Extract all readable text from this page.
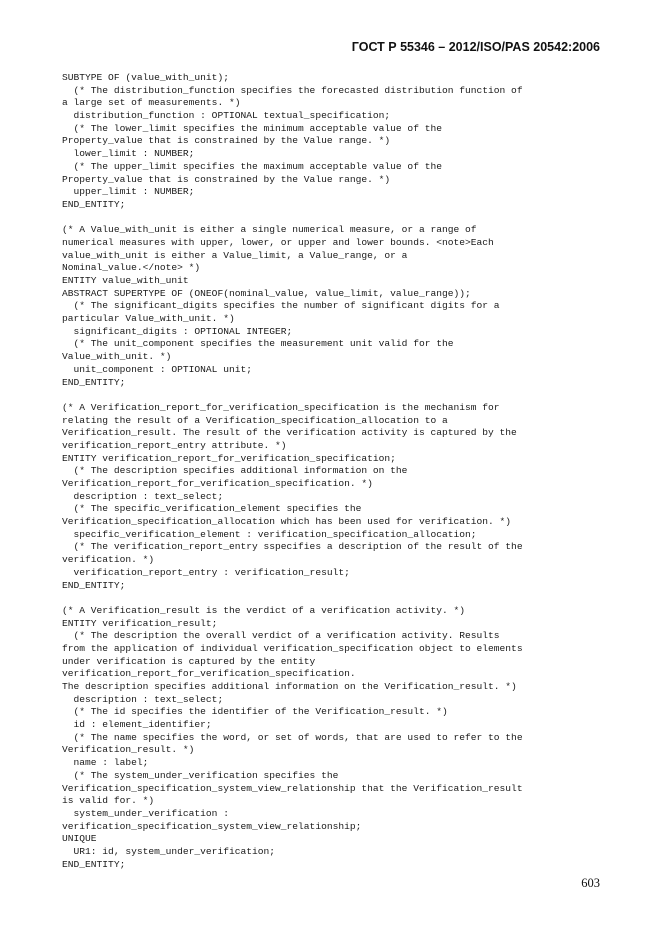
ГОСТ Р 55346 – 2012/ISO/PAS 20542:2006
SUBTYPE OF (value_with_unit);
(* The distribution_function specifies the forecasted distribution function of
a large set of measurements. *)
distribution_function : OPTIONAL textual_specification;
(* The lower_limit specifies the minimum acceptable value of the
Property_value that is constrained by the Value range. *)
lower_limit : NUMBER;
(* The upper_limit specifies the maximum acceptable value of the
Property_value that is constrained by the Value range. *)
upper_limit : NUMBER;
END_ENTITY;
(* A Value_with_unit is either a single numerical measure, or a range of
numerical measures with upper, lower, or upper and lower bounds. <note>Each
value_with_unit is either a Value_limit, a Value_range, or a
Nominal_value.</note> *)
ENTITY value_with_unit
ABSTRACT SUPERTYPE OF (ONEOF(nominal_value, value_limit, value_range));
(* The significant_digits specifies the number of significant digits for a
particular Value_with_unit. *)
significant_digits : OPTIONAL INTEGER;
(* The unit_component specifies the measurement unit valid for the
Value_with_unit. *)
unit_component : OPTIONAL unit;
END_ENTITY;
(* A Verification_report_for_verification_specification is the mechanism for
relating the result of a Verification_specification_allocation to a
Verification_result. The result of the verification activity is captured by the
verification_report_entry attribute. *)
ENTITY verification_report_for_verification_specification;
(* The description specifies additional information on the
Verification_report_for_verification_specification. *)
description : text_select;
(* The specific_verification_element specifies the
Verification_specification_allocation which has been used for verification. *)
specific_verification_element : verification_specification_allocation;
(* The verification_report_entry sspecifies a description of the result of the
verification. *)
verification_report_entry : verification_result;
END_ENTITY;
(* A Verification_result is the verdict of a verification activity. *)
ENTITY verification_result;
(* The description the overall verdict of a verification activity. Results
from the application of individual verification_specification object to elements
under verification is captured by the entity
verification_report_for_verification_specification.
The description specifies additional information on the Verification_result. *)
description : text_select;
(* The id specifies the identifier of the Verification_result. *)
id : element_identifier;
(* The name specifies the word, or set of words, that are used to refer to the
Verification_result. *)
name : label;
(* The system_under_verification specifies the
Verification_specification_system_view_relationship that the Verification_result
is valid for. *)
system_under_verification :
verification_specification_system_view_relationship;
UNIQUE
UR1: id, system_under_verification;
END_ENTITY;
603
